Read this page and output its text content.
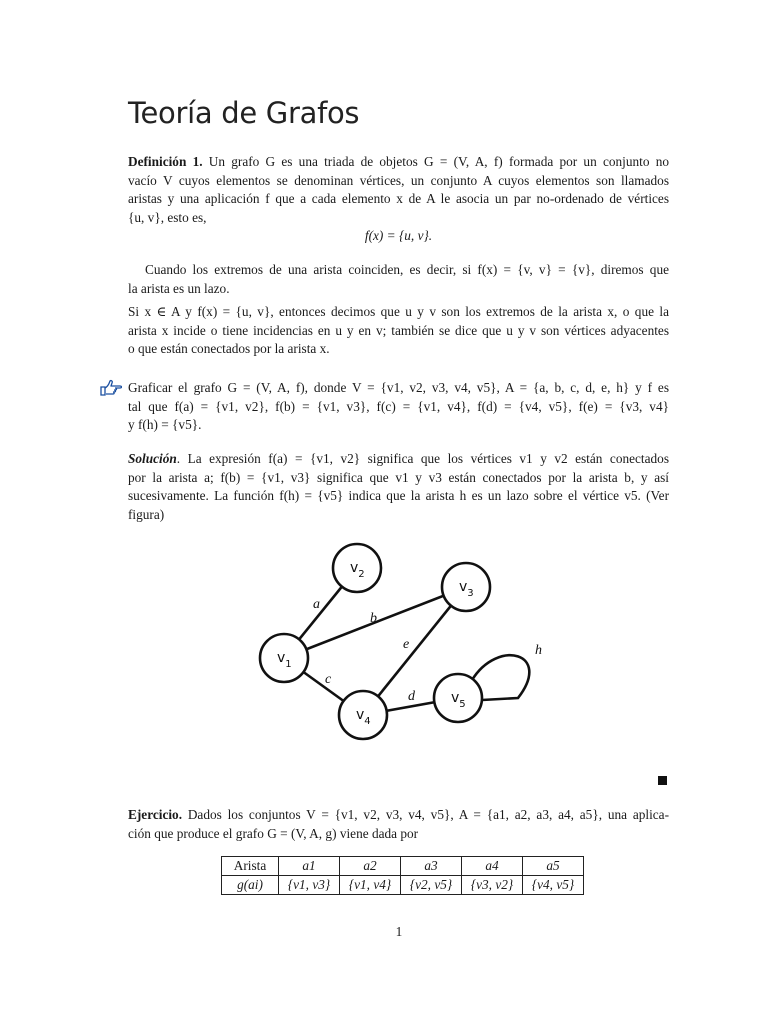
Teoría de Grafos
Definición 1. Un grafo G es una triada de objetos G = (V, A, f) formada por un conjunto no
vacío V cuyos elementos se denominan vértices, un conjunto A cuyos elementos son llamados
aristas y una aplicación f que a cada elemento x de A le asocia un par no-ordenado de vértices
{u, v}, esto es,
f(x) = {u, v}.
Cuando los extremos de una arista coinciden, es decir, si f(x) = {v, v} = {v}, diremos que
la arista es un lazo.
Si x ∈ A y f(x) = {u, v}, entonces decimos que u y v son los extremos de la arista x, o que la
arista x incide o tiene incidencias en u y en v; también se dice que u y v son vértices adyacentes
o que están conectados por la arista x.
Graficar el grafo G = (V, A, f), donde V = {v1, v2, v3, v4, v5}, A = {a, b, c, d, e, h} y f es
tal que f(a) = {v1, v2}, f(b) = {v1, v3}, f(c) = {v1, v4}, f(d) = {v4, v5}, f(e) = {v3, v4}
y f(h) = {v5}.
Solución. La expresión f(a) = {v1, v2} significa que los vértices v1 y v2 están conectados
por la arista a; f(b) = {v1, v3} significa que v1 y v3 están conectados por la arista b, y así
sucesivamente. La función f(h) = {v5} indica que la arista h es un lazo sobre el vértice v5. (Ver
figura)
$v_2$
$v_3$
$v_1$
$v_4$
$v_5$
a
b
c
d
e	h
Ejercicio. Dados los conjuntos V = {v1, v2, v3, v4, v5}, A = {a1, a2, a3, a4, a5}, una aplica-
ción que produce el grafo G = (V, A, g) viene dada por
Arista	a1	a2	a3	a4	a5
g(ai)	{v1, v3}	{v1, v4}	{v2, v5}	{v3, v2}	{v4, v5}
1
